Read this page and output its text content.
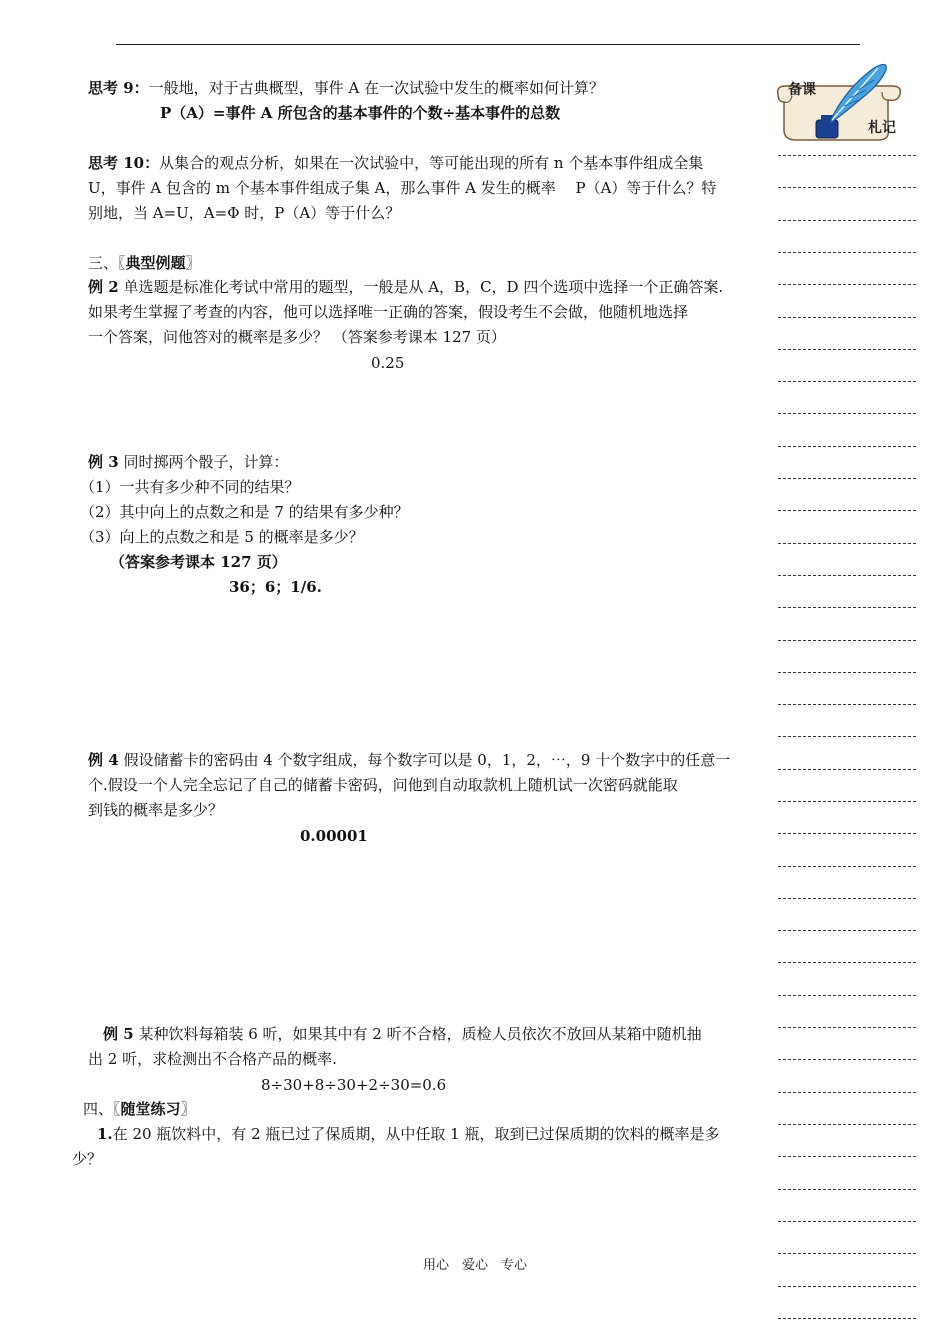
思考 9：一般地，对于古典概型，事件 A 在一次试验中发生的概率如何计算？
P（A）=事件 A 所包含的基本事件的个数÷基本事件的总数
思考 10：从集合的观点分析，如果在一次试验中，等可能出现的所有 n 个基本事件组成全集
U，事件 A 包含的 m 个基本事件组成子集 A，那么事件 A 发生的概率　 P（A）等于什么？特
别地，当 A=U，A=Φ 时，P（A）等于什么？
三、〖典型例题〗
例 2 单选题是标准化考试中常用的题型，一般是从 A，B，C，D 四个选项中选择一个正确答案.
如果考生掌握了考查的内容，他可以选择唯一正确的答案，假设考生不会做，他随机地选择
一个答案，问他答对的概率是多少？ （答案参考课本 127 页）
0.25
例 3 同时掷两个骰子，计算：
（1）一共有多少种不同的结果？
（2）其中向上的点数之和是 7 的结果有多少种？
（3）向上的点数之和是 5 的概率是多少？
（答案参考课本 127 页）
36；6；1/6.
例 4 假设储蓄卡的密码由 4 个数字组成，每个数字可以是 0，1，2，⋯，9 十个数字中的任意一
个.假设一个人完全忘记了自己的储蓄卡密码，问他到自动取款机上随机试一次密码就能取
到钱的概率是多少？
0.00001
例 5 某种饮料每箱装 6 听，如果其中有 2 听不合格，质检人员依次不放回从某箱中随机抽
出 2 听，求检测出不合格产品的概率.
8÷30+8÷30+2÷30=0.6
四、〖随堂练习〗
1.在 20 瓶饮料中，有 2 瓶已过了保质期，从中任取 1 瓶，取到已过保质期的饮料的概率是多
少？
备课
札记
用心　爱心　专心
